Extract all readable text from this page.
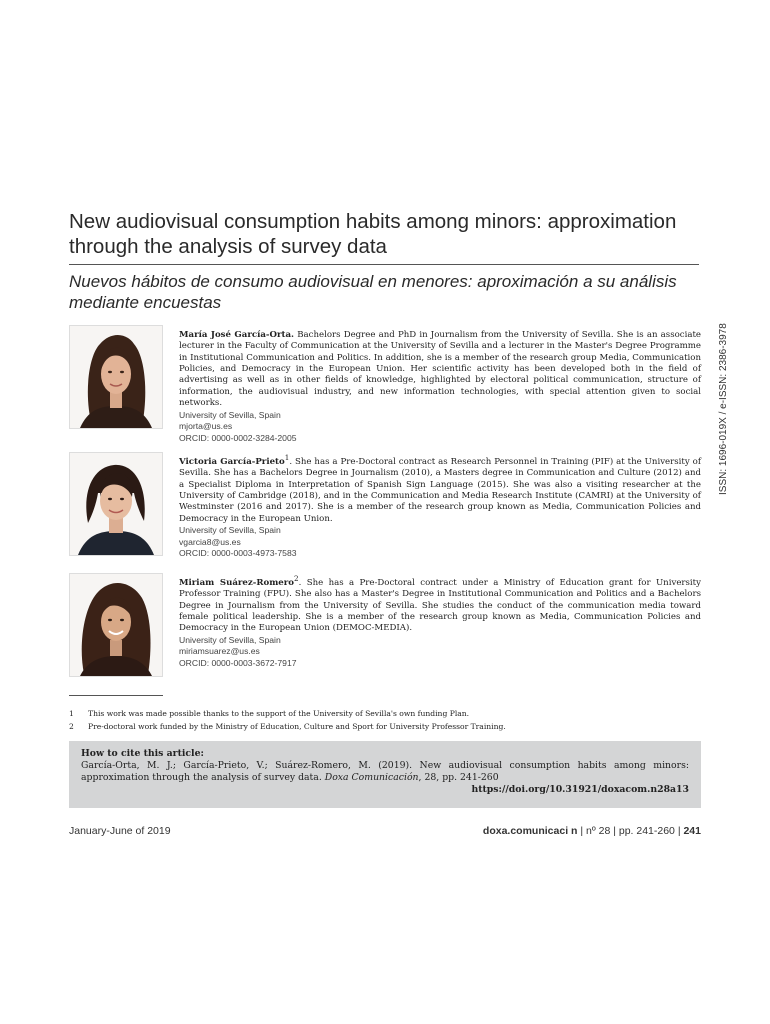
New audiovisual consumption habits among minors: approximation through the analysis of survey data
Nuevos hábitos de consumo audiovisual en menores: aproximación a su análisis mediante encuestas
ISSN: 1696-019X / e-ISSN: 2386-3978
María José García-Orta. Bachelors Degree and PhD in Journalism from the University of Sevilla. She is an associate lecturer in the Faculty of Communication at the University of Sevilla and a lecturer in the Master's Degree Programme in Institutional Communication and Politics. In addition, she is a member of the research group Media, Communication Policies, and Democracy in the European Union. Her scientific activity has been developed both in the field of advertising as well as in other fields of knowledge, highlighted by electoral political communication, structure of information, the audiovisual industry, and new information technologies, with special attention given to social networks.
University of Sevilla, Spain
mjorta@us.es
ORCID: 0000-0002-3284-2005
Victoria García-Prieto$^1$. She has a Pre-Doctoral contract as Research Personnel in Training (PIF) at the University of Sevilla. She has a Bachelors Degree in Journalism (2010), a Masters degree in Communication and Culture (2012) and a Specialist Diploma in Interpretation of Spanish Sign Language (2015). She was also a visiting researcher at the University of Cambridge (2018), and in the Communication and Media Research Institute (CAMRI) at the University of Westminster (2016 and 2017). She is a member of the research group known as Media, Communication Policies and Democracy in the European Union.
University of Sevilla, Spain
vgarcia8@us.es
ORCID: 0000-0003-4973-7583
Miriam Suárez-Romero$^2$. She has a Pre-Doctoral contract under a Ministry of Education grant for University Professor Training (FPU). She also has a Master's Degree in Institutional Communication and Politics and a Bachelors Degree in Journalism from the University of Sevilla. She studies the conduct of the communication media toward female political leadership. She is a member of the research group known as Media, Communication Policies and Democracy in the European Union (DEMOC-MEDIA).
University of Sevilla, Spain
miriamsuarez@us.es
ORCID: 0000-0003-3672-7917
1 This work was made possible thanks to the support of the University of Sevilla's own funding Plan.
2 Pre-doctoral work funded by the Ministry of Education, Culture and Sport for University Professor Training.
How to cite this article:
García-Orta, M. J.; García-Prieto, V.; Suárez-Romero, M. (2019). New audiovisual consumption habits among minors: approximation through the analysis of survey data. Doxa Comunicación, 28, pp. 241-260
https://doi.org/10.31921/doxacom.n28a13
January-June of 2019	doxa.comunicaci n | nº 28 | pp. 241-260 | 241
